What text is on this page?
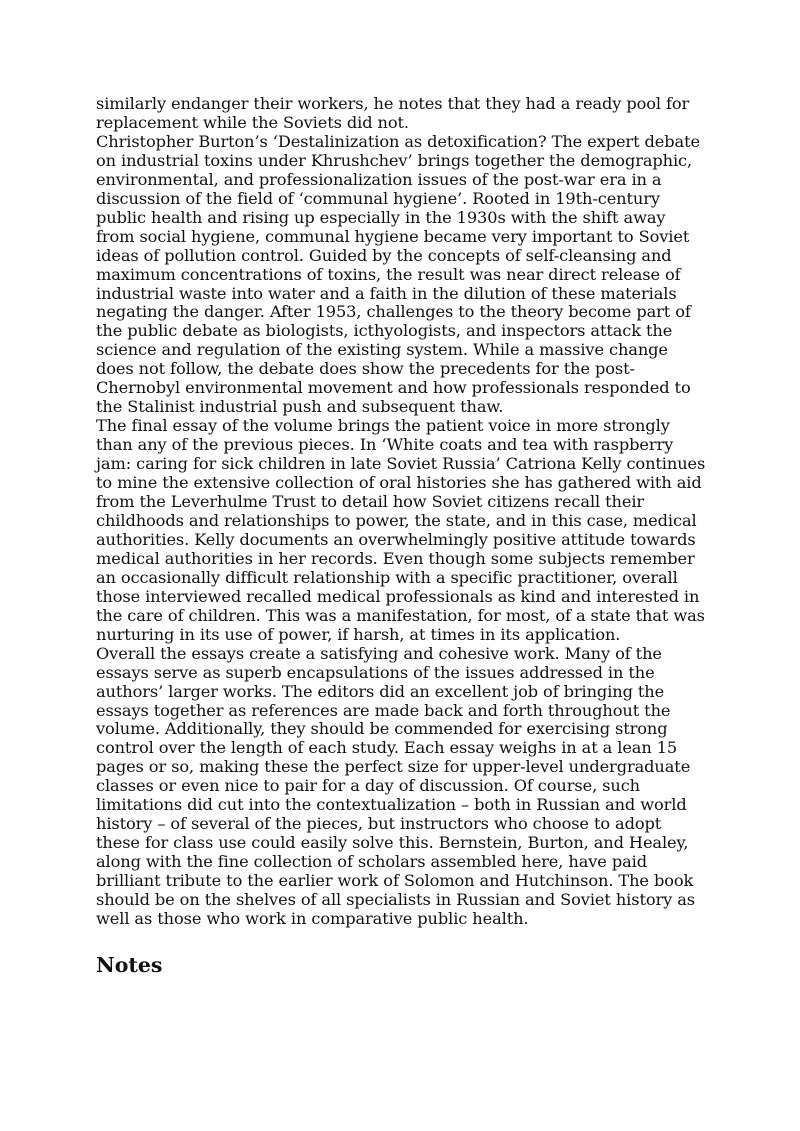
similarly endanger their workers, he notes that they had a ready pool for replacement while the Soviets did not.

Christopher Burton’s ‘Destalinization as detoxification? The expert debate on industrial toxins under Khrushchev’ brings together the demographic, environmental, and professionalization issues of the post-war era in a discussion of the field of ‘communal hygiene’. Rooted in 19th-century public health and rising up especially in the 1930s with the shift away from social hygiene, communal hygiene became very important to Soviet ideas of pollution control. Guided by the concepts of self-cleansing and maximum concentrations of toxins, the result was near direct release of industrial waste into water and a faith in the dilution of these materials negating the danger. After 1953, challenges to the theory become part of the public debate as biologists, icthyologists, and inspectors attack the science and regulation of the existing system. While a massive change does not follow, the debate does show the precedents for the post-Chernobyl environmental movement and how professionals responded to the Stalinist industrial push and subsequent thaw.

The final essay of the volume brings the patient voice in more strongly than any of the previous pieces. In ‘White coats and tea with raspberry jam: caring for sick children in late Soviet Russia’ Catriona Kelly continues to mine the extensive collection of oral histories she has gathered with aid from the Leverhulme Trust to detail how Soviet citizens recall their childhoods and relationships to power, the state, and in this case, medical authorities. Kelly documents an overwhelmingly positive attitude towards medical authorities in her records. Even though some subjects remember an occasionally difficult relationship with a specific practitioner, overall those interviewed recalled medical professionals as kind and interested in the care of children. This was a manifestation, for most, of a state that was nurturing in its use of power, if harsh, at times in its application.

Overall the essays create a satisfying and cohesive work. Many of the essays serve as superb encapsulations of the issues addressed in the authors’ larger works. The editors did an excellent job of bringing the essays together as references are made back and forth throughout the volume. Additionally, they should be commended for exercising strong control over the length of each study. Each essay weighs in at a lean 15 pages or so, making these the perfect size for upper-level undergraduate classes or even nice to pair for a day of discussion. Of course, such limitations did cut into the contextualization – both in Russian and world history – of several of the pieces, but instructors who choose to adopt these for class use could easily solve this. Bernstein, Burton, and Healey, along with the fine collection of scholars assembled here, have paid brilliant tribute to the earlier work of Solomon and Hutchinson. The book should be on the shelves of all specialists in Russian and Soviet history as well as those who work in comparative public health.

Notes
